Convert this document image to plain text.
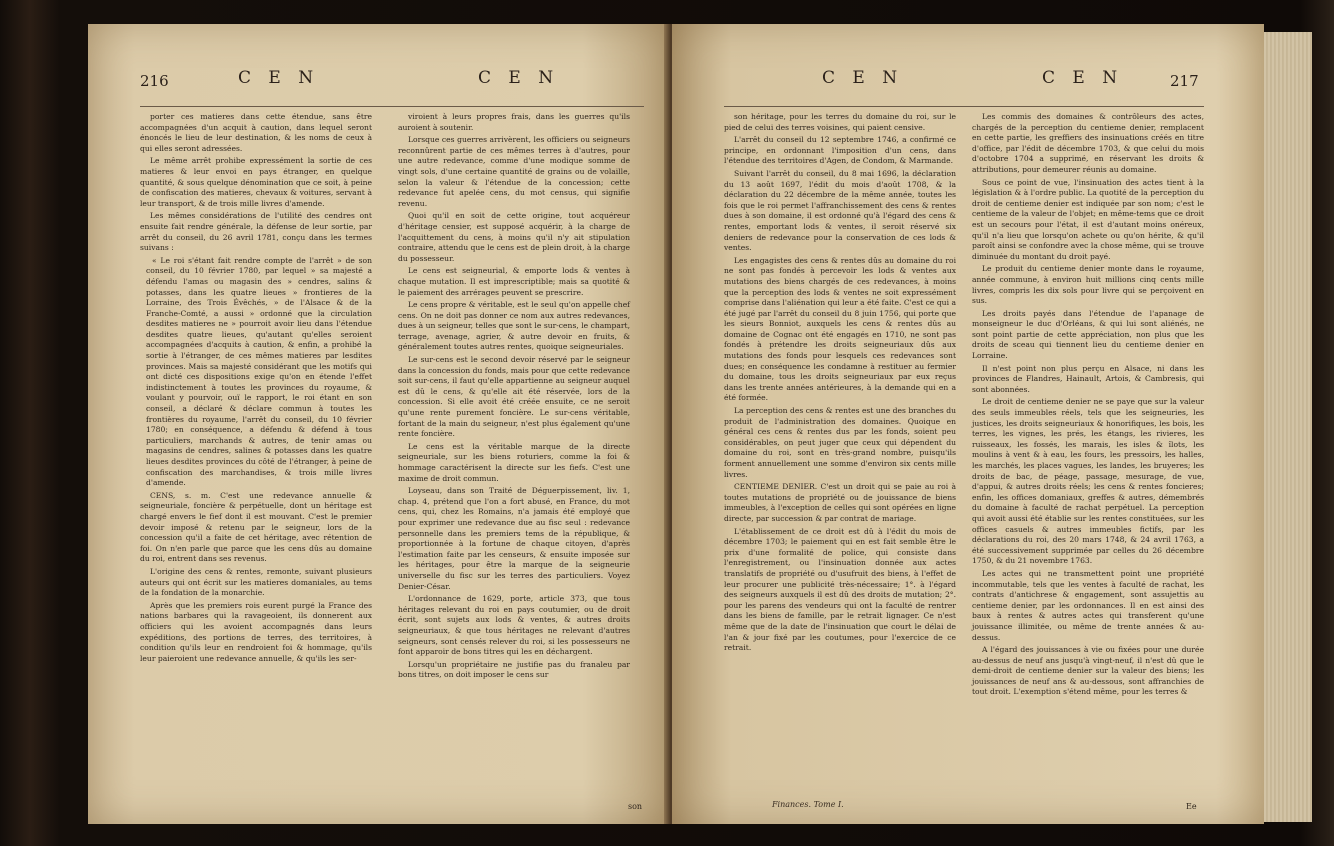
216	C E N	C E N

porter ces matieres dans cette étendue, sans être accompagnées d'un acquit à caution, dans lequel seront énoncés le lieu de leur destination, & les noms de ceux à qui elles seront adressées.

Le même arrêt prohibe expressément la sortie de ces matieres & leur envoi en pays étranger, en quelque quantité, & sous quelque dénomination que ce soit, à peine de confiscation des matieres, chevaux & voitures, servant à leur transport, & de trois mille livres d'amende.

Les mêmes considérations de l'utilité des cendres ont ensuite fait rendre générale, la défense de leur sortie, par arrêt du conseil, du 26 avril 1781, conçu dans les termes suivans :

« Le roi s'étant fait rendre compte de l'arrêt » de son conseil, du 10 février 1780, par lequel » sa majesté a défendu l'amas ou magasin des » cendres, salins & potasses, dans les quatre lieues » frontieres de la Lorraine, des Trois Évêchés, » de l'Alsace & de la Franche-Comté, a aussi » ordonné que la circulation desdites matieres ne » pourroit avoir lieu dans l'étendue desdites quatre lieues, qu'autant qu'elles seroient accompagnées d'acquits à caution, & enfin, a prohibé la sortie à l'étranger, de ces mêmes matieres par lesdites provinces. Mais sa majesté considérant que les motifs qui ont dicté ces dispositions exige qu'on en étende l'effet indistinctement à toutes les provinces du royaume, & voulant y pourvoir, ouï le rapport, le roi étant en son conseil, a déclaré & déclare commun à toutes les frontières du royaume, l'arrêt du conseil, du 10 février 1780; en conséquence, a défendu & défend à tous particuliers, marchands & autres, de tenir amas ou magasins de cendres, salines & potasses dans les quatre lieues desdites provinces du côté de l'étranger, à peine de confiscation des marchandises, & trois mille livres d'amende.

CENS, s. m. C'est une redevance annuelle & seigneuriale, foncière & perpétuelle, dont un héritage est chargé envers le fief dont il est mouvant. C'est le premier devoir imposé & retenu par le seigneur, lors de la concession qu'il a faite de cet héritage, avec rétention de foi. On n'en parle que parce que les cens dûs au domaine du roi, entrent dans ses revenus.

L'origine des cens & rentes, remonte, suivant plusieurs auteurs qui ont écrit sur les matieres domaniales, au tems de la fondation de la monarchie.

Après que les premiers rois eurent purgé la France des nations barbares qui la ravageoient, ils donnerent aux officiers qui les avoient accompagnés dans leurs expéditions, des portions de terres, des territoires, à condition qu'ils leur en rendroient foi & hommage, qu'ils leur paieroient une redevance annuelle, & qu'ils les ser-

viroient à leurs propres frais, dans les guerres qu'ils auroient à soutenir.

Lorsque ces guerres arrivèrent, les officiers ou seigneurs reconnûrent partie de ces mêmes terres à d'autres, pour une autre redevance, comme d'une modique somme de vingt sols, d'une certaine quantité de grains ou de volaille, selon la valeur & l'étendue de la concession; cette redevance fut apelée cens, du mot census, qui signifie revenu.

Quoi qu'il en soit de cette origine, tout acquéreur d'héritage censier, est supposé acquérir, à la charge de l'acquittement du cens, à moins qu'il n'y ait stipulation contraire, attendu que le cens est de plein droit, à la charge du possesseur.

Le cens est seigneurial, & emporte lods & ventes à chaque mutation. Il est imprescriptible; mais sa quotité & le paiement des arrérages peuvent se prescrire.

Le cens propre & véritable, est le seul qu'on appelle chef cens. On ne doit pas donner ce nom aux autres redevances, dues à un seigneur, telles que sont le sur-cens, le champart, terrage, avenage, agrier, & autre devoir en fruits, & généralement toutes autres rentes, quoique seigneuriales.

Le sur-cens est le second devoir réservé par le seigneur dans la concession du fonds, mais pour que cette redevance soit sur-cens, il faut qu'elle appartienne au seigneur auquel est dû le cens, & qu'elle ait été réservée, lors de la concession. Si elle avoit été créée ensuite, ce ne seroit qu'une rente purement foncière. Le sur-cens véritable, fortant de la main du seigneur, n'est plus également qu'une rente foncière.

Le cens est la véritable marque de la directe seigneuriale, sur les biens roturiers, comme la foi & hommage caractérisent la directe sur les fiefs. C'est une maxime de droit commun.

Loyseau, dans son Traité de Déguerpissement, liv. 1, chap. 4, prétend que l'on a fort abusé, en France, du mot cens, qui, chez les Romains, n'a jamais été employé que pour exprimer une redevance due au fisc seul : redevance personnelle dans les premiers tems de la république, & proportionnée à la fortune de chaque citoyen, d'après l'estimation faite par les censeurs, & ensuite imposée sur les héritages, pour être la marque de la seigneurie universelle du fisc sur les terres des particuliers. Voyez Denier-César.

L'ordonnance de 1629, porte, article 373, que tous héritages relevant du roi en pays coutumier, ou de droit écrit, sont sujets aux lods & ventes, & autres droits seigneuriaux, & que tous héritages ne relevant d'autres seigneurs, sont censés relever du roi, si les possesseurs ne font apparoir de bons titres qui les en déchargent.

Lorsqu'un propriétaire ne justifie pas du franaleu par bons titres, on doit imposer le cens sur

son
C E N	C E N	217

son héritage, pour les terres du domaine du roi, sur le pied de celui des terres voisines, qui paient censive.

L'arrêt du conseil du 12 septembre 1746, a confirmé ce principe, en ordonnant l'imposition d'un cens, dans l'étendue des territoires d'Agen, de Condom, & Marmande.

Suivant l'arrêt du conseil, du 8 mai 1696, la déclaration du 13 août 1697, l'édit du mois d'août 1708, & la déclaration du 22 décembre de la même année, toutes les fois que le roi permet l'affranchissement des cens & rentes dues à son domaine, il est ordonné qu'à l'égard des cens & rentes, emportant lods & ventes, il seroit réservé six deniers de redevance pour la conservation de ces lods & ventes.

Les engagistes des cens & rentes dûs au domaine du roi ne sont pas fondés à percevoir les lods & ventes aux mutations des biens chargés de ces redevances, à moins que la perception des lods & ventes ne soit expressément comprise dans l'aliénation qui leur a été faite. C'est ce qui a été jugé par l'arrêt du conseil du 8 juin 1756, qui porte que les sieurs Bonniot, auxquels les cens & rentes dûs au domaine de Cognac ont été engagés en 1710, ne sont pas fondés à prétendre les droits seigneuriaux dûs aux mutations des fonds pour lesquels ces redevances sont dues; en conséquence les condamne à restituer au fermier du domaine, tous les droits seigneuriaux par eux reçus dans les trente années antérieures, à la demande qui en a été formée.

La perception des cens & rentes est une des branches du produit de l'administration des domaines. Quoique en général ces cens & rentes dus par les fonds, soient peu considérables, on peut juger que ceux qui dépendent du domaine du roi, sont en très-grand nombre, puisqu'ils forment annuellement une somme d'environ six cents mille livres.

CENTIEME DENIER. C'est un droit qui se paie au roi à toutes mutations de propriété ou de jouissance de biens immeubles, à l'exception de celles qui sont opérées en ligne directe, par succession & par contrat de mariage.

L'établissement de ce droit est dû à l'édit du mois de décembre 1703; le paiement qui en est fait semble être le prix d'une formalité de police, qui consiste dans l'enregistrement, ou l'insinuation donnée aux actes translatifs de propriété ou d'usufruit des biens, à l'effet de leur procurer une publicité très-nécessaire; 1°. à l'égard des seigneurs auxquels il est dû des droits de mutation; 2°. pour les parens des vendeurs qui ont la faculté de rentrer dans les biens de famille, par le retrait lignager. Ce n'est même que de la date de l'insinuation que court le délai de l'an & jour fixé par les coutumes, pour l'exercice de ce retrait.

Les commis des domaines & contrôleurs des actes, chargés de la perception du centieme denier, remplacent en cette partie, les greffiers des insinuations créés en titre d'office, par l'édit de décembre 1703, & que celui du mois d'octobre 1704 a supprimé, en réservant les droits & attributions, pour demeurer réunis au domaine.

Sous ce point de vue, l'insinuation des actes tient à la législation & à l'ordre public. La quotité de la perception du droit de centieme denier est indiquée par son nom; c'est le centieme de la valeur de l'objet; en même-tems que ce droit est un secours pour l'état, il est d'autant moins onéreux, qu'il n'a lieu que lorsqu'on achete ou qu'on hérite, & qu'il paroît ainsi se confondre avec la chose même, qui se trouve diminuée du montant du droit payé.

Le produit du centieme denier monte dans le royaume, année commune, à environ huit millions cinq cents mille livres, compris les dix sols pour livre qui se perçoivent en sus.

Les droits payés dans l'étendue de l'apanage de monseigneur le duc d'Orléans, & qui lui sont aliénés, ne sont point partie de cette appréciation, non plus que les droits de sceau qui tiennent lieu du centieme denier en Lorraine.

Il n'est point non plus perçu en Alsace, ni dans les provinces de Flandres, Hainault, Artois, & Cambresis, qui sont abonnées.

Le droit de centieme denier ne se paye que sur la valeur des seuls immeubles réels, tels que les seigneuries, les justices, les droits seigneuriaux & honorifiques, les bois, les terres, les vignes, les prés, les étangs, les rivieres, les ruisseaux, les fossés, les marais, les isles & îlots, les moulins à vent & à eau, les fours, les pressoirs, les halles, les marchés, les places vagues, les landes, les bruyeres; les droits de bac, de péage, passage, mesurage, de vue, d'appui, & autres droits réels; les cens & rentes foncieres; enfin, les offices domaniaux, greffes & autres, démembrés du domaine à faculté de rachat perpétuel. La perception qui avoit aussi été établie sur les rentes constituées, sur les offices casuels & autres immeubles fictifs, par les déclarations du roi, des 20 mars 1748, & 24 avril 1763, a été successivement supprimée par celles du 26 décembre 1750, & du 21 novembre 1763.

Les actes qui ne transmettent point une propriété incommutable, tels que les ventes à faculté de rachat, les contrats d'antichrese & engagement, sont assujettis au centieme denier, par les ordonnances. Il en est ainsi des baux à rentes & autres actes qui transferent qu'une jouissance illimitée, ou même de trente années & au-dessus.

A l'égard des jouissances à vie ou fixées pour une durée au-dessus de neuf ans jusqu'à vingt-neuf, il n'est dû que le demi-droit de centieme denier sur la valeur des biens; les jouissances de neuf ans & au-dessous, sont affranchies de tout droit. L'exemption s'étend même, pour les terres &

Finances. Tome I.	Ee
